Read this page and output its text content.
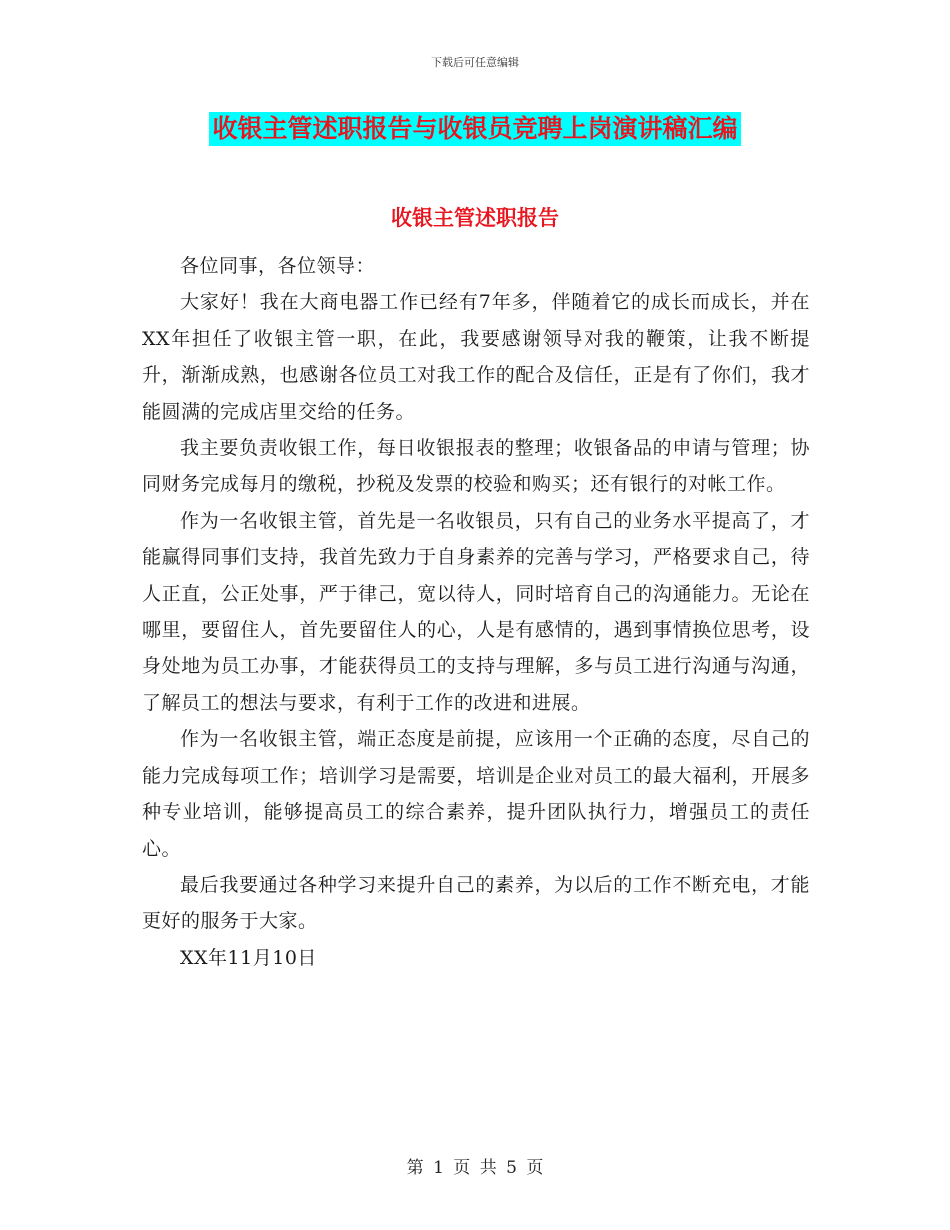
下载后可任意编辑
收银主管述职报告与收银员竞聘上岗演讲稿汇编
收银主管述职报告

各位同事，各位领导：

大家好！我在大商电器工作已经有7年多，伴随着它的成长而成长，并在XX年担任了收银主管一职，在此，我要感谢领导对我的鞭策，让我不断提升，渐渐成熟，也感谢各位员工对我工作的配合及信任，正是有了你们，我才能圆满的完成店里交给的任务。

我主要负责收银工作，每日收银报表的整理；收银备品的申请与管理；协同财务完成每月的缴税，抄税及发票的校验和购买；还有银行的对帐工作。

作为一名收银主管，首先是一名收银员，只有自己的业务水平提高了，才能赢得同事们支持，我首先致力于自身素养的完善与学习，严格要求自己，待人正直，公正处事，严于律己，宽以待人，同时培育自己的沟通能力。无论在哪里，要留住人，首先要留住人的心，人是有感情的，遇到事情换位思考，设身处地为员工办事，才能获得员工的支持与理解，多与员工进行沟通与沟通，了解员工的想法与要求，有利于工作的改进和进展。

作为一名收银主管，端正态度是前提，应该用一个正确的态度，尽自己的能力完成每项工作；培训学习是需要，培训是企业对员工的最大福利，开展多种专业培训，能够提高员工的综合素养，提升团队执行力，增强员工的责任心。

最后我要通过各种学习来提升自己的素养，为以后的工作不断充电，才能更好的服务于大家。

XX年11月10日

第 1 页 共 5 页
